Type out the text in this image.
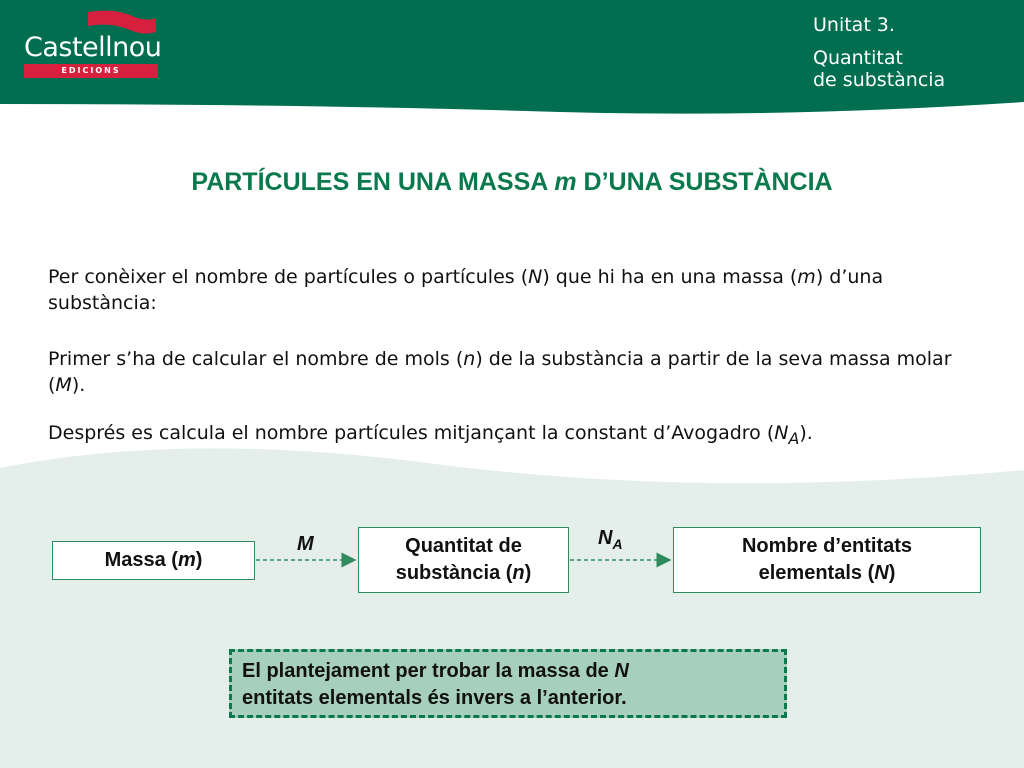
Castellnou
EDICIONS
Unitat 3.
Quantitat
de substància
PARTÍCULES EN UNA MASSA m D’UNA SUBSTÀNCIA
Per conèixer el nombre de partícules o partícules (N) que hi ha en una massa (m) d’una substància:
Primer s’ha de calcular el nombre de mols (n) de la substància a partir de la seva massa molar (M).
Després es calcula el nombre partícules mitjançant la constant d’Avogadro $(N_A)$.
M	$N_A$
Massa (m)
Quantitat de
substància (n)
Nombre d’entitats
elementals (N)
El plantejament per trobar la massa de N
entitats elementals és invers a l’anterior.
